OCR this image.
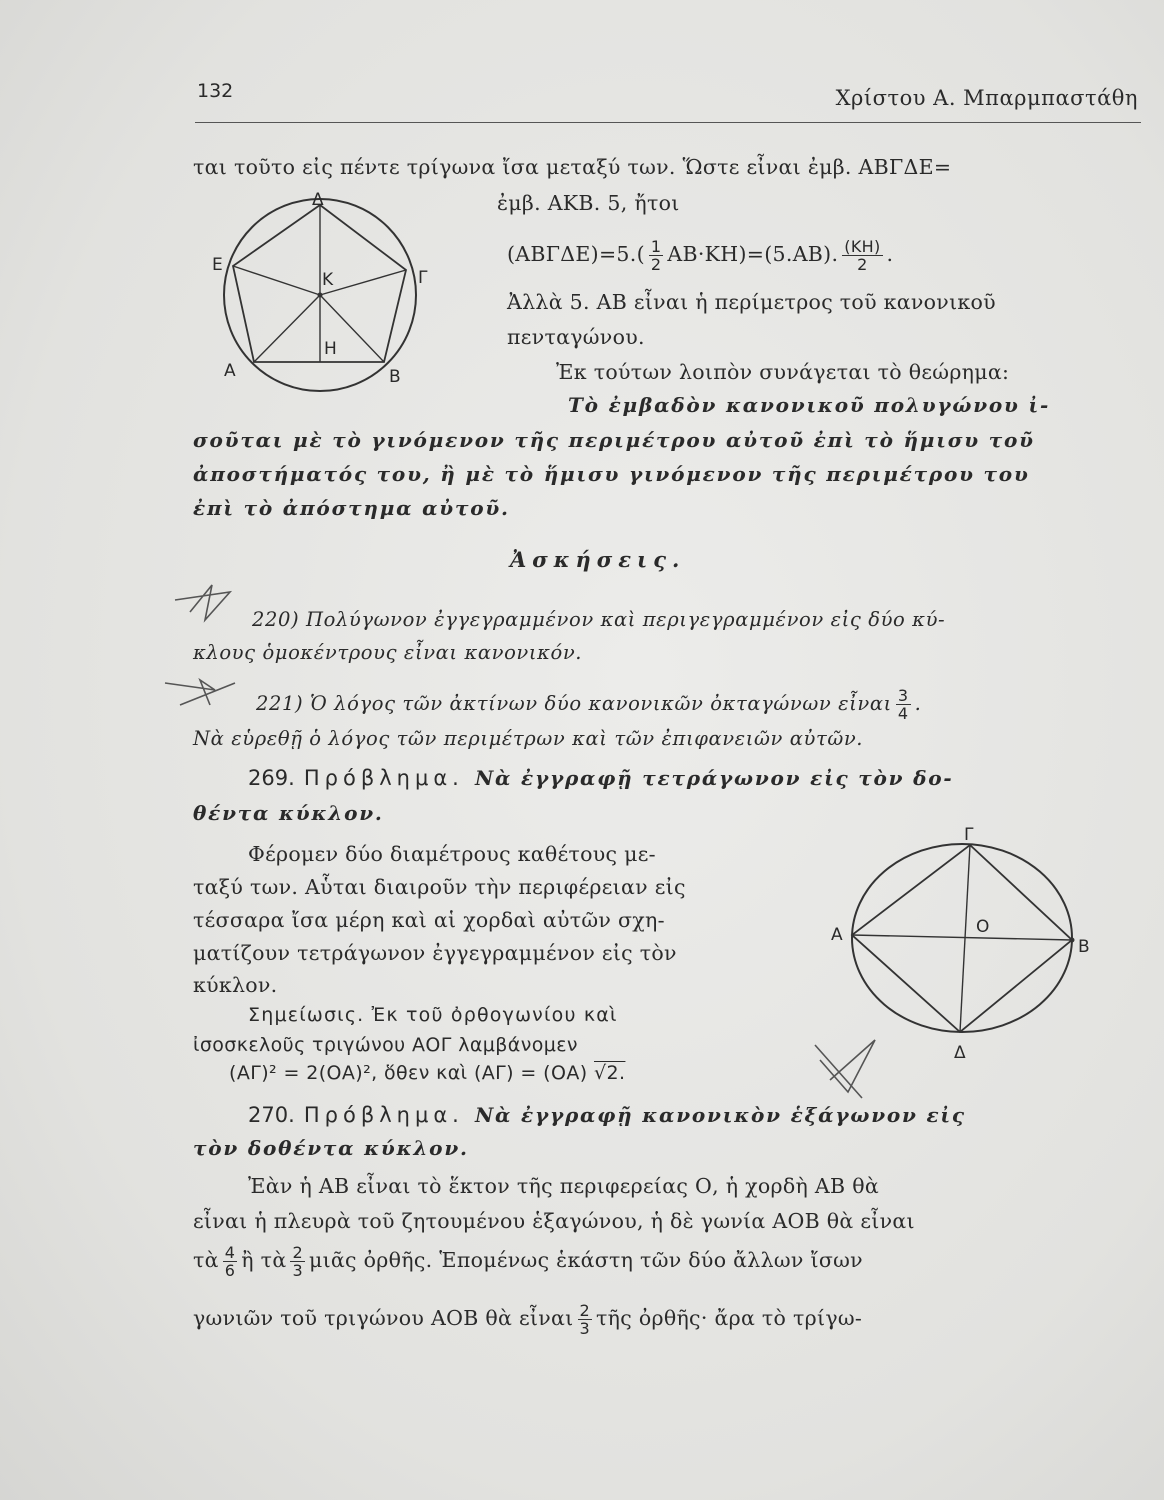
132	Χρίστου Α. Μπαρμπαστάθη
ται τοῦτο εἰς πέντε τρίγωνα ἴσα μεταξύ των. Ὥστε εἶναι ἐμβ. ΑΒΓΔΕ=
ἐμβ. ΑΚΒ. 5, ἤτοι
$(AB\Gamma\Delta E)=5.( \frac{1}{2} AB\cdot KH)=(5.AB)$. $\frac{(KH)}{2}$ .
Ἀλλὰ 5. ΑΒ εἶναι ἡ περίμετρος τοῦ κανονικοῦ
πενταγώνου.
Ἐκ τούτων λοιπὸν συνάγεται τὸ θεώρημα:
Τὸ ἐμβαδὸν κανονικοῦ πολυγώνου ἰ-
σοῦται μὲ τὸ γινόμενον τῆς περιμέτρου αὐτοῦ ἐπὶ τὸ ἥμισυ τοῦ
ἀποστήματός του, ἢ μὲ τὸ ἥμισυ γινόμενον τῆς περιμέτρου του
ἐπὶ τὸ ἀπόστημα αὐτοῦ.
Ἀσκήσεις.
220) Πολύγωνον ἐγγεγραμμένον καὶ περιγεγραμμένον εἰς δύο κύ-
κλους ὁμοκέντρους εἶναι κανονικόν.
221) Ὁ λόγος τῶν ἀκτίνων δύο κανονικῶν ὀκταγώνων εἶναι $\frac{3}{4}$ .
Νὰ εὑρεθῇ ὁ λόγος τῶν περιμέτρων καὶ τῶν ἐπιφανειῶν αὐτῶν.
269. Πρόβλημα. Νὰ ἐγγραφῇ τετράγωνον εἰς τὸν δο-
θέντα κύκλον.
Φέρομεν δύο διαμέτρους καθέτους με-
ταξύ των. Αὗται διαιροῦν τὴν περιφέρειαν εἰς
τέσσαρα ἴσα μέρη καὶ αἱ χορδαὶ αὐτῶν σχη-
ματίζουν τετράγωνον ἐγγεγραμμένον εἰς τὸν
κύκλον.
Σημείωσις. Ἐκ τοῦ ὀρθογωνίου καὶ
ἰσοσκελοῦς τριγώνου ΑΟΓ λαμβάνομεν
(ΑΓ)² = 2(ΟΑ)², ὅθεν καὶ (ΑΓ) = (ΟΑ) √2.
270. Πρόβλημα. Νὰ ἐγγραφῇ κανονικὸν ἑξάγωνον εἰς
τὸν δοθέντα κύκλον.
Ἐὰν ἡ ΑΒ εἶναι τὸ ἕκτον τῆς περιφερείας Ο, ἡ χορδὴ ΑΒ θὰ
εἶναι ἡ πλευρὰ τοῦ ζητουμένου ἑξαγώνου, ἡ δὲ γωνία ΑΟΒ θὰ εἶναι
τὰ $\frac{4}{6}$ ἢ τὰ $\frac{2}{3}$ μιᾶς ὀρθῆς. Ἑπομένως ἑκάστη τῶν δύο ἄλλων ἴσων
γωνιῶν τοῦ τριγώνου ΑΟΒ θὰ εἶναι $\frac{2}{3}$ τῆς ὀρθῆς· ἄρα τὸ τρίγω-
Δ
Ε
Γ
Κ
Η
Α	Β
Γ
Α
Β
Ο
Δ
